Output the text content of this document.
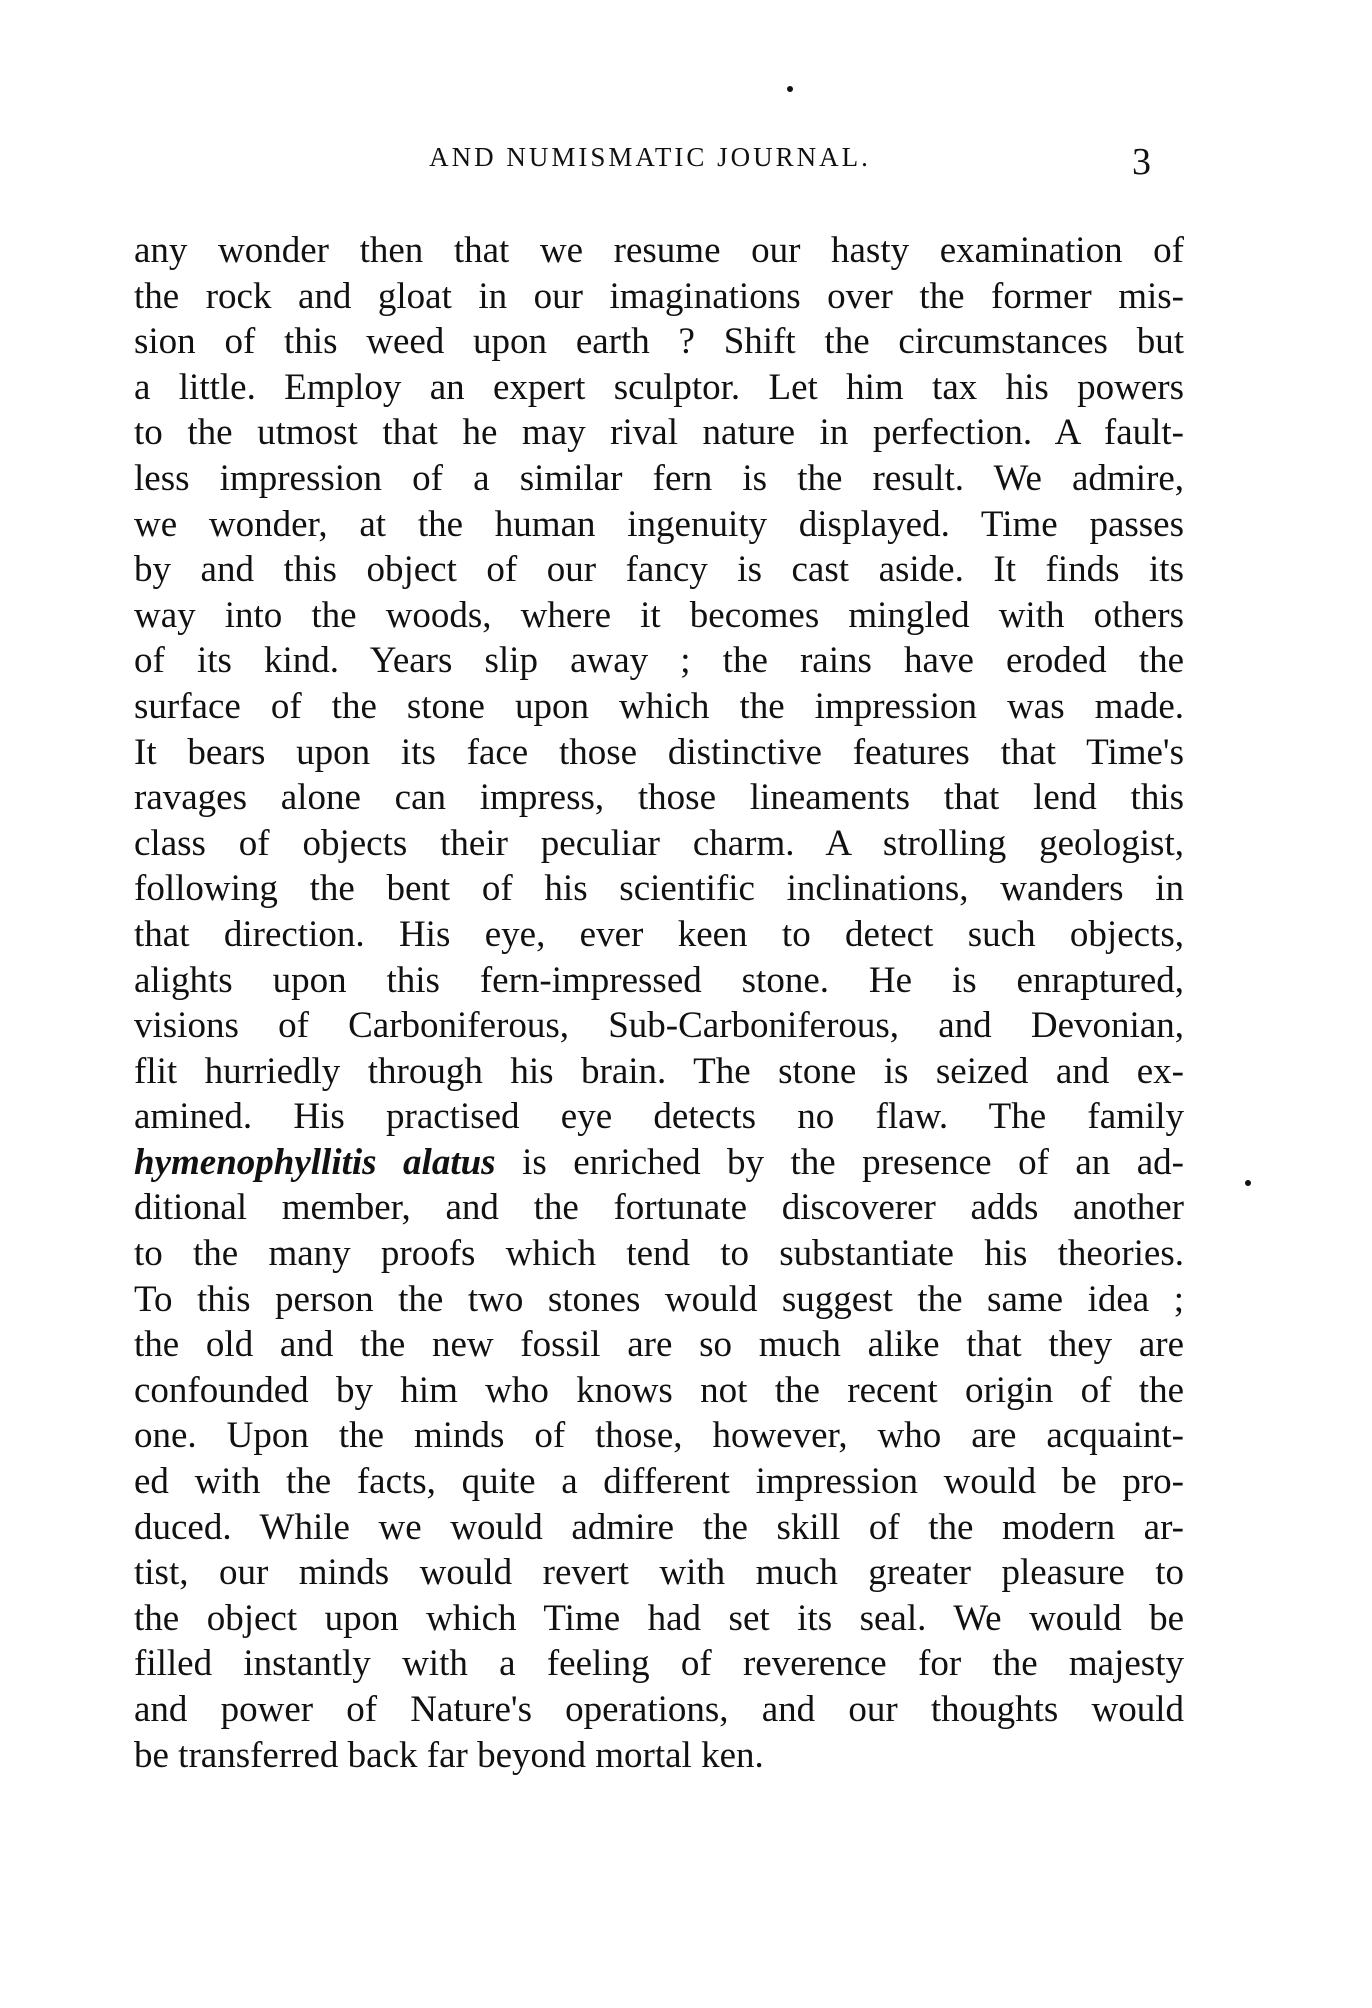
AND NUMISMATIC JOURNAL.	3
any wonder then that we resume our hasty examination of
the rock and gloat in our imaginations over the former mis-
sion of this weed upon earth ? Shift the circumstances but
a little. Employ an expert sculptor. Let him tax his powers
to the utmost that he may rival nature in perfection. A fault-
less impression of a similar fern is the result. We admire,
we wonder, at the human ingenuity displayed. Time passes
by and this object of our fancy is cast aside. It finds its
way into the woods, where it becomes mingled with others
of its kind. Years slip away ; the rains have eroded the
surface of the stone upon which the impression was made.
It bears upon its face those distinctive features that Time's
ravages alone can impress, those lineaments that lend this
class of objects their peculiar charm. A strolling geologist,
following the bent of his scientific inclinations, wanders in
that direction. His eye, ever keen to detect such objects,
alights upon this fern-impressed stone. He is enraptured,
visions of Carboniferous, Sub-Carboniferous, and Devonian,
flit hurriedly through his brain. The stone is seized and ex-
amined. His practised eye detects no flaw. The family
hymenophyllitis alatus is enriched by the presence of an ad-
ditional member, and the fortunate discoverer adds another
to the many proofs which tend to substantiate his theories.
To this person the two stones would suggest the same idea ;
the old and the new fossil are so much alike that they are
confounded by him who knows not the recent origin of the
one. Upon the minds of those, however, who are acquaint-
ed with the facts, quite a different impression would be pro-
duced. While we would admire the skill of the modern ar-
tist, our minds would revert with much greater pleasure to
the object upon which Time had set its seal. We would be
filled instantly with a feeling of reverence for the majesty
and power of Nature's operations, and our thoughts would
be transferred back far beyond mortal ken.
